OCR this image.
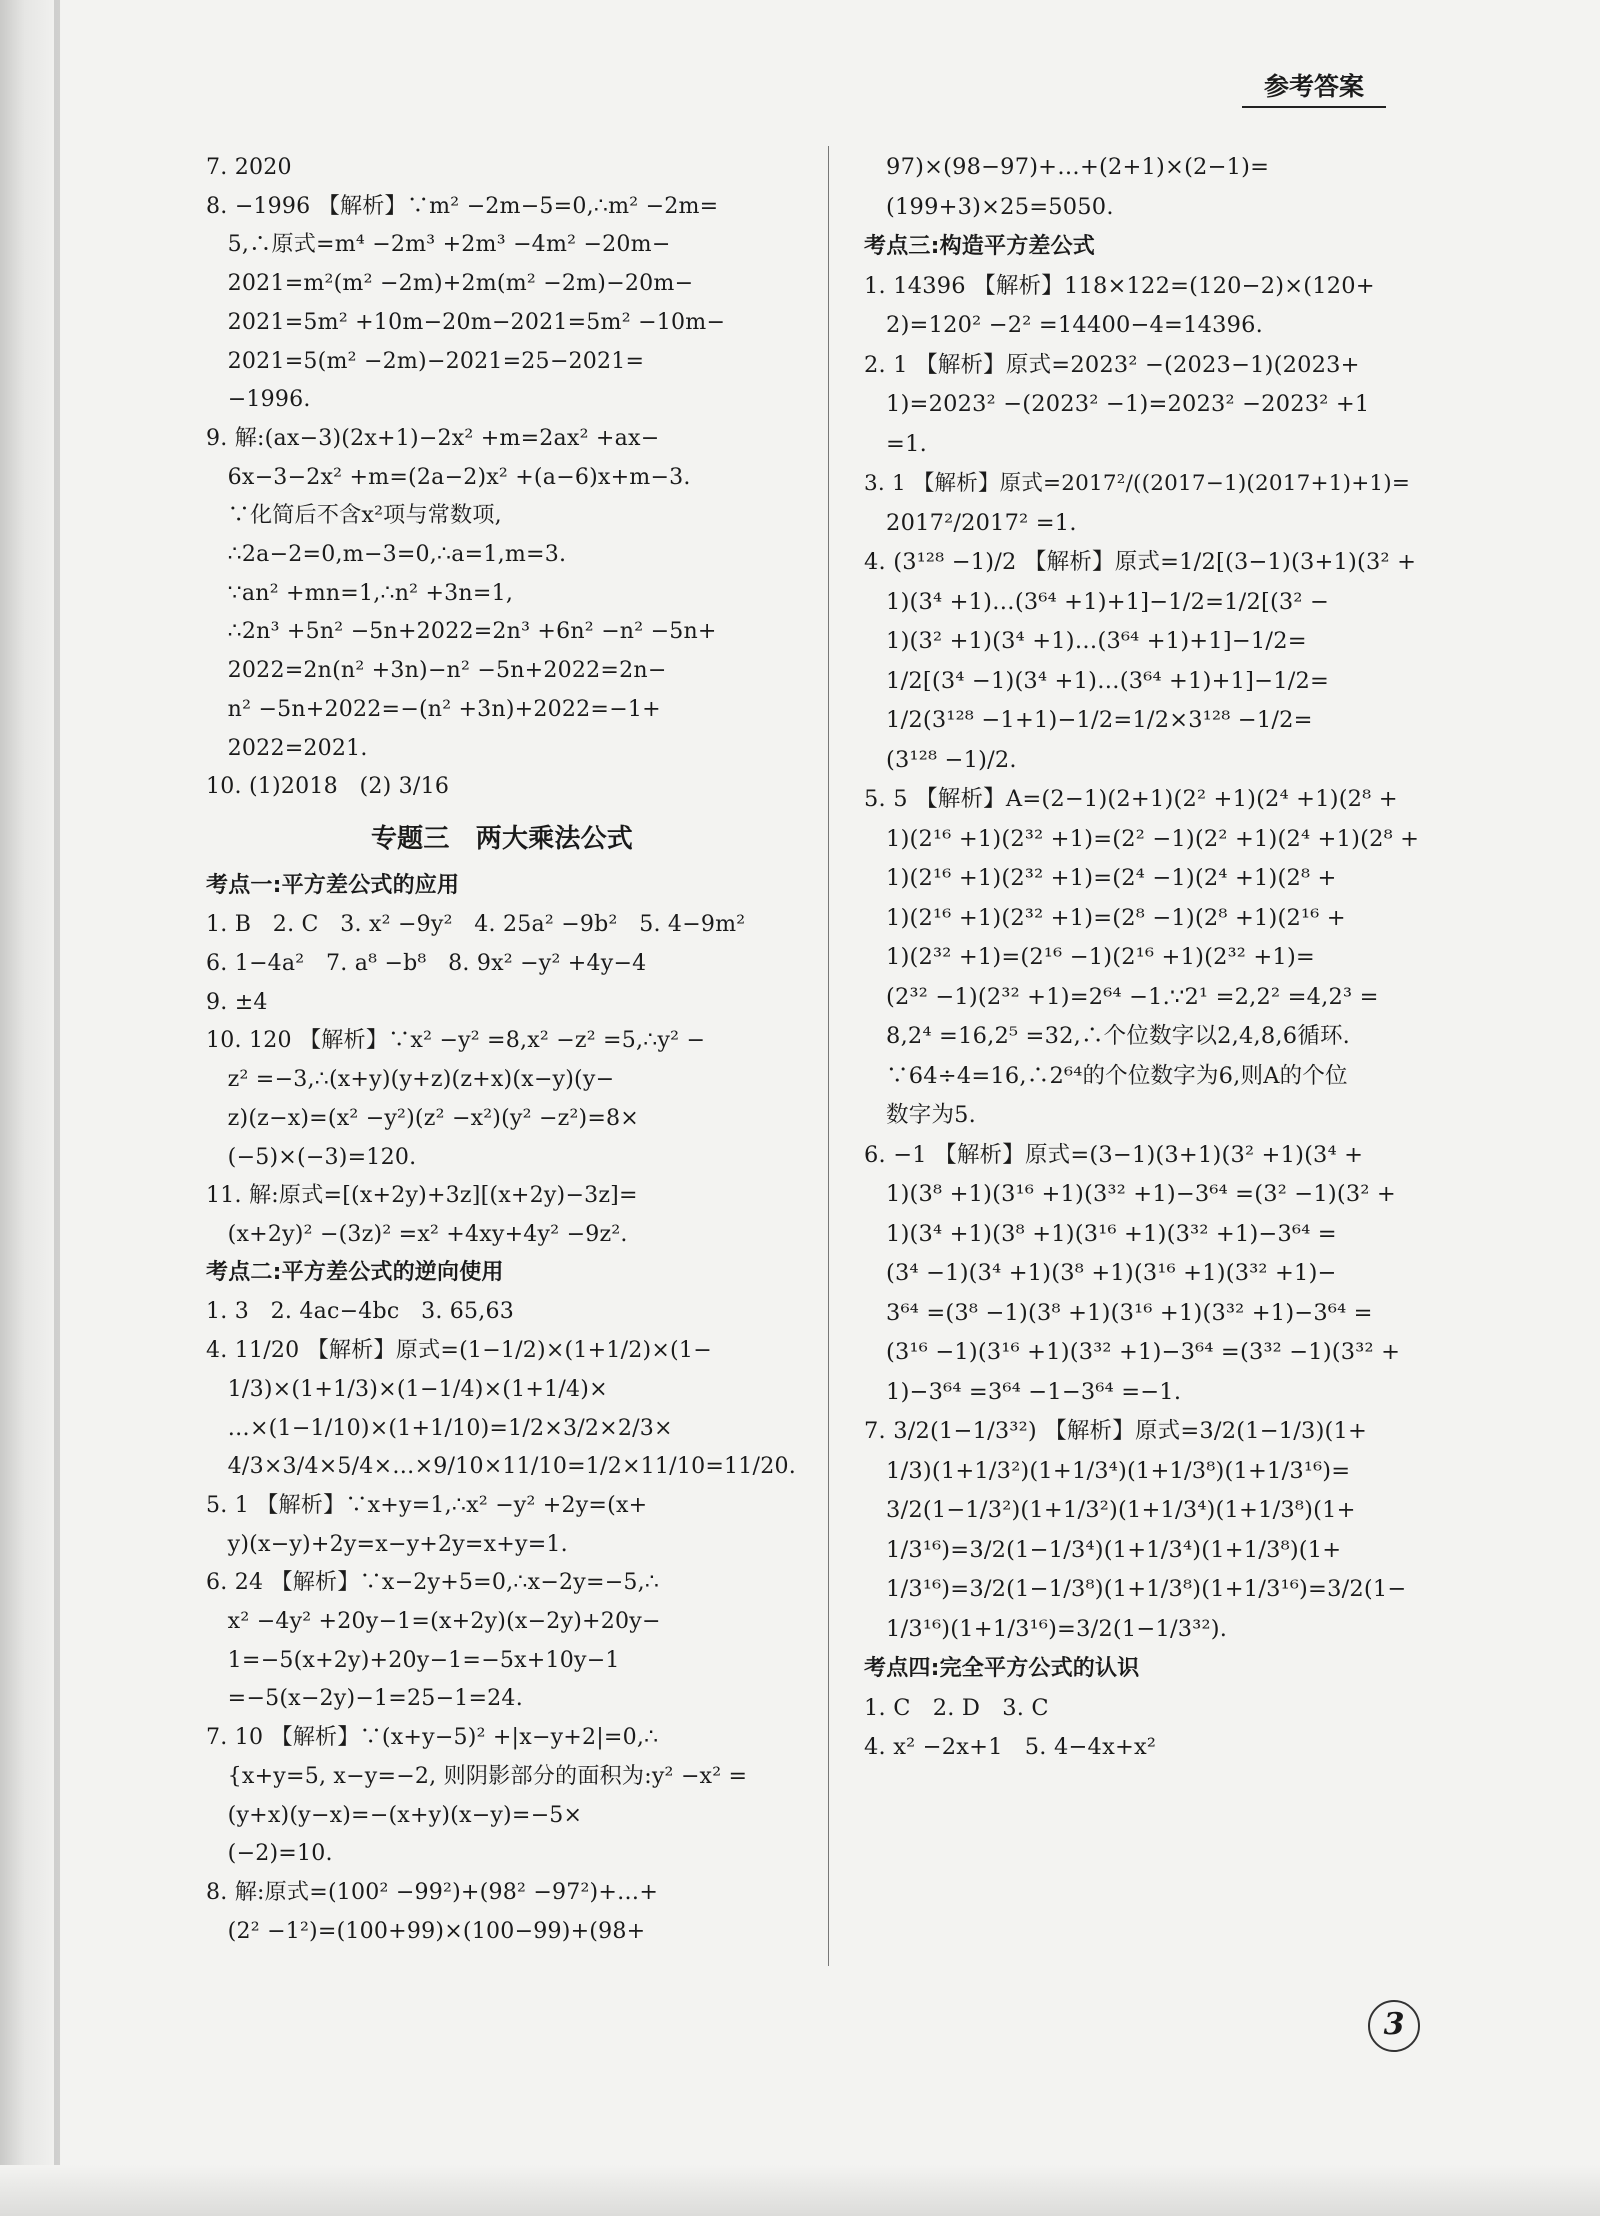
参考答案
7. 2020
8. −1996 【解析】∵m² −2m−5=0,∴m² −2m=
5,∴原式=m⁴ −2m³ +2m³ −4m² −20m−
2021=m²(m² −2m)+2m(m² −2m)−20m−
2021=5m² +10m−20m−2021=5m² −10m−
2021=5(m² −2m)−2021=25−2021=
−1996.
9. 解:(ax−3)(2x+1)−2x² +m=2ax² +ax−
6x−3−2x² +m=(2a−2)x² +(a−6)x+m−3.
∵化简后不含x²项与常数项,
∴2a−2=0,m−3=0,∴a=1,m=3.
∵an² +mn=1,∴n² +3n=1,
∴2n³ +5n² −5n+2022=2n³ +6n² −n² −5n+
2022=2n(n² +3n)−n² −5n+2022=2n−
n² −5n+2022=−(n² +3n)+2022=−1+
2022=2021.
10. (1)2018   (2) 3/16
专题三　两大乘法公式
考点一:平方差公式的应用
1. B   2. C   3. x² −9y²   4. 25a² −9b²   5. 4−9m²
6. 1−4a²   7. a⁸ −b⁸   8. 9x² −y² +4y−4
9. ±4
10. 120 【解析】∵x² −y² =8,x² −z² =5,∴y² −
z² =−3,∴(x+y)(y+z)(z+x)(x−y)(y−
z)(z−x)=(x² −y²)(z² −x²)(y² −z²)=8×
(−5)×(−3)=120.
11. 解:原式=[(x+2y)+3z][(x+2y)−3z]=
(x+2y)² −(3z)² =x² +4xy+4y² −9z².
考点二:平方差公式的逆向使用
1. 3   2. 4ac−4bc   3. 65,63
4. 11/20 【解析】原式=(1−1/2)×(1+1/2)×(1−
1/3)×(1+1/3)×(1−1/4)×(1+1/4)×
…×(1−1/10)×(1+1/10)=1/2×3/2×2/3×
4/3×3/4×5/4×…×9/10×11/10=1/2×11/10=11/20.
5. 1 【解析】∵x+y=1,∴x² −y² +2y=(x+
y)(x−y)+2y=x−y+2y=x+y=1.
6. 24 【解析】∵x−2y+5=0,∴x−2y=−5,∴
x² −4y² +20y−1=(x+2y)(x−2y)+20y−
1=−5(x+2y)+20y−1=−5x+10y−1
=−5(x−2y)−1=25−1=24.
7. 10 【解析】∵(x+y−5)² +|x−y+2|=0,∴
{x+y=5, x−y=−2, 则阴影部分的面积为:y² −x² =
(y+x)(y−x)=−(x+y)(x−y)=−5×
(−2)=10.
8. 解:原式=(100² −99²)+(98² −97²)+…+
(2² −1²)=(100+99)×(100−99)+(98+
97)×(98−97)+…+(2+1)×(2−1)=
(199+3)×25=5050.
考点三:构造平方差公式
1. 14396 【解析】118×122=(120−2)×(120+
2)=120² −2² =14400−4=14396.
2. 1 【解析】原式=2023² −(2023−1)(2023+
1)=2023² −(2023² −1)=2023² −2023² +1
=1.
3. 1 【解析】原式=2017²/((2017−1)(2017+1)+1)=
2017²/2017² =1.
4. (3¹²⁸ −1)/2 【解析】原式=1/2[(3−1)(3+1)(3² +
1)(3⁴ +1)…(3⁶⁴ +1)+1]−1/2=1/2[(3² −
1)(3² +1)(3⁴ +1)…(3⁶⁴ +1)+1]−1/2=
1/2[(3⁴ −1)(3⁴ +1)…(3⁶⁴ +1)+1]−1/2=
1/2(3¹²⁸ −1+1)−1/2=1/2×3¹²⁸ −1/2=
(3¹²⁸ −1)/2.
5. 5 【解析】A=(2−1)(2+1)(2² +1)(2⁴ +1)(2⁸ +
1)(2¹⁶ +1)(2³² +1)=(2² −1)(2² +1)(2⁴ +1)(2⁸ +
1)(2¹⁶ +1)(2³² +1)=(2⁴ −1)(2⁴ +1)(2⁸ +
1)(2¹⁶ +1)(2³² +1)=(2⁸ −1)(2⁸ +1)(2¹⁶ +
1)(2³² +1)=(2¹⁶ −1)(2¹⁶ +1)(2³² +1)=
(2³² −1)(2³² +1)=2⁶⁴ −1.∵2¹ =2,2² =4,2³ =
8,2⁴ =16,2⁵ =32,∴个位数字以2,4,8,6循环.
∵64÷4=16,∴2⁶⁴的个位数字为6,则A的个位
数字为5.
6. −1 【解析】原式=(3−1)(3+1)(3² +1)(3⁴ +
1)(3⁸ +1)(3¹⁶ +1)(3³² +1)−3⁶⁴ =(3² −1)(3² +
1)(3⁴ +1)(3⁸ +1)(3¹⁶ +1)(3³² +1)−3⁶⁴ =
(3⁴ −1)(3⁴ +1)(3⁸ +1)(3¹⁶ +1)(3³² +1)−
3⁶⁴ =(3⁸ −1)(3⁸ +1)(3¹⁶ +1)(3³² +1)−3⁶⁴ =
(3¹⁶ −1)(3¹⁶ +1)(3³² +1)−3⁶⁴ =(3³² −1)(3³² +
1)−3⁶⁴ =3⁶⁴ −1−3⁶⁴ =−1.
7. 3/2(1−1/3³²) 【解析】原式=3/2(1−1/3)(1+
1/3)(1+1/3²)(1+1/3⁴)(1+1/3⁸)(1+1/3¹⁶)=
3/2(1−1/3²)(1+1/3²)(1+1/3⁴)(1+1/3⁸)(1+
1/3¹⁶)=3/2(1−1/3⁴)(1+1/3⁴)(1+1/3⁸)(1+
1/3¹⁶)=3/2(1−1/3⁸)(1+1/3⁸)(1+1/3¹⁶)=3/2(1−
1/3¹⁶)(1+1/3¹⁶)=3/2(1−1/3³²).
考点四:完全平方公式的认识
1. C   2. D   3. C
4. x² −2x+1   5. 4−4x+x²
3
